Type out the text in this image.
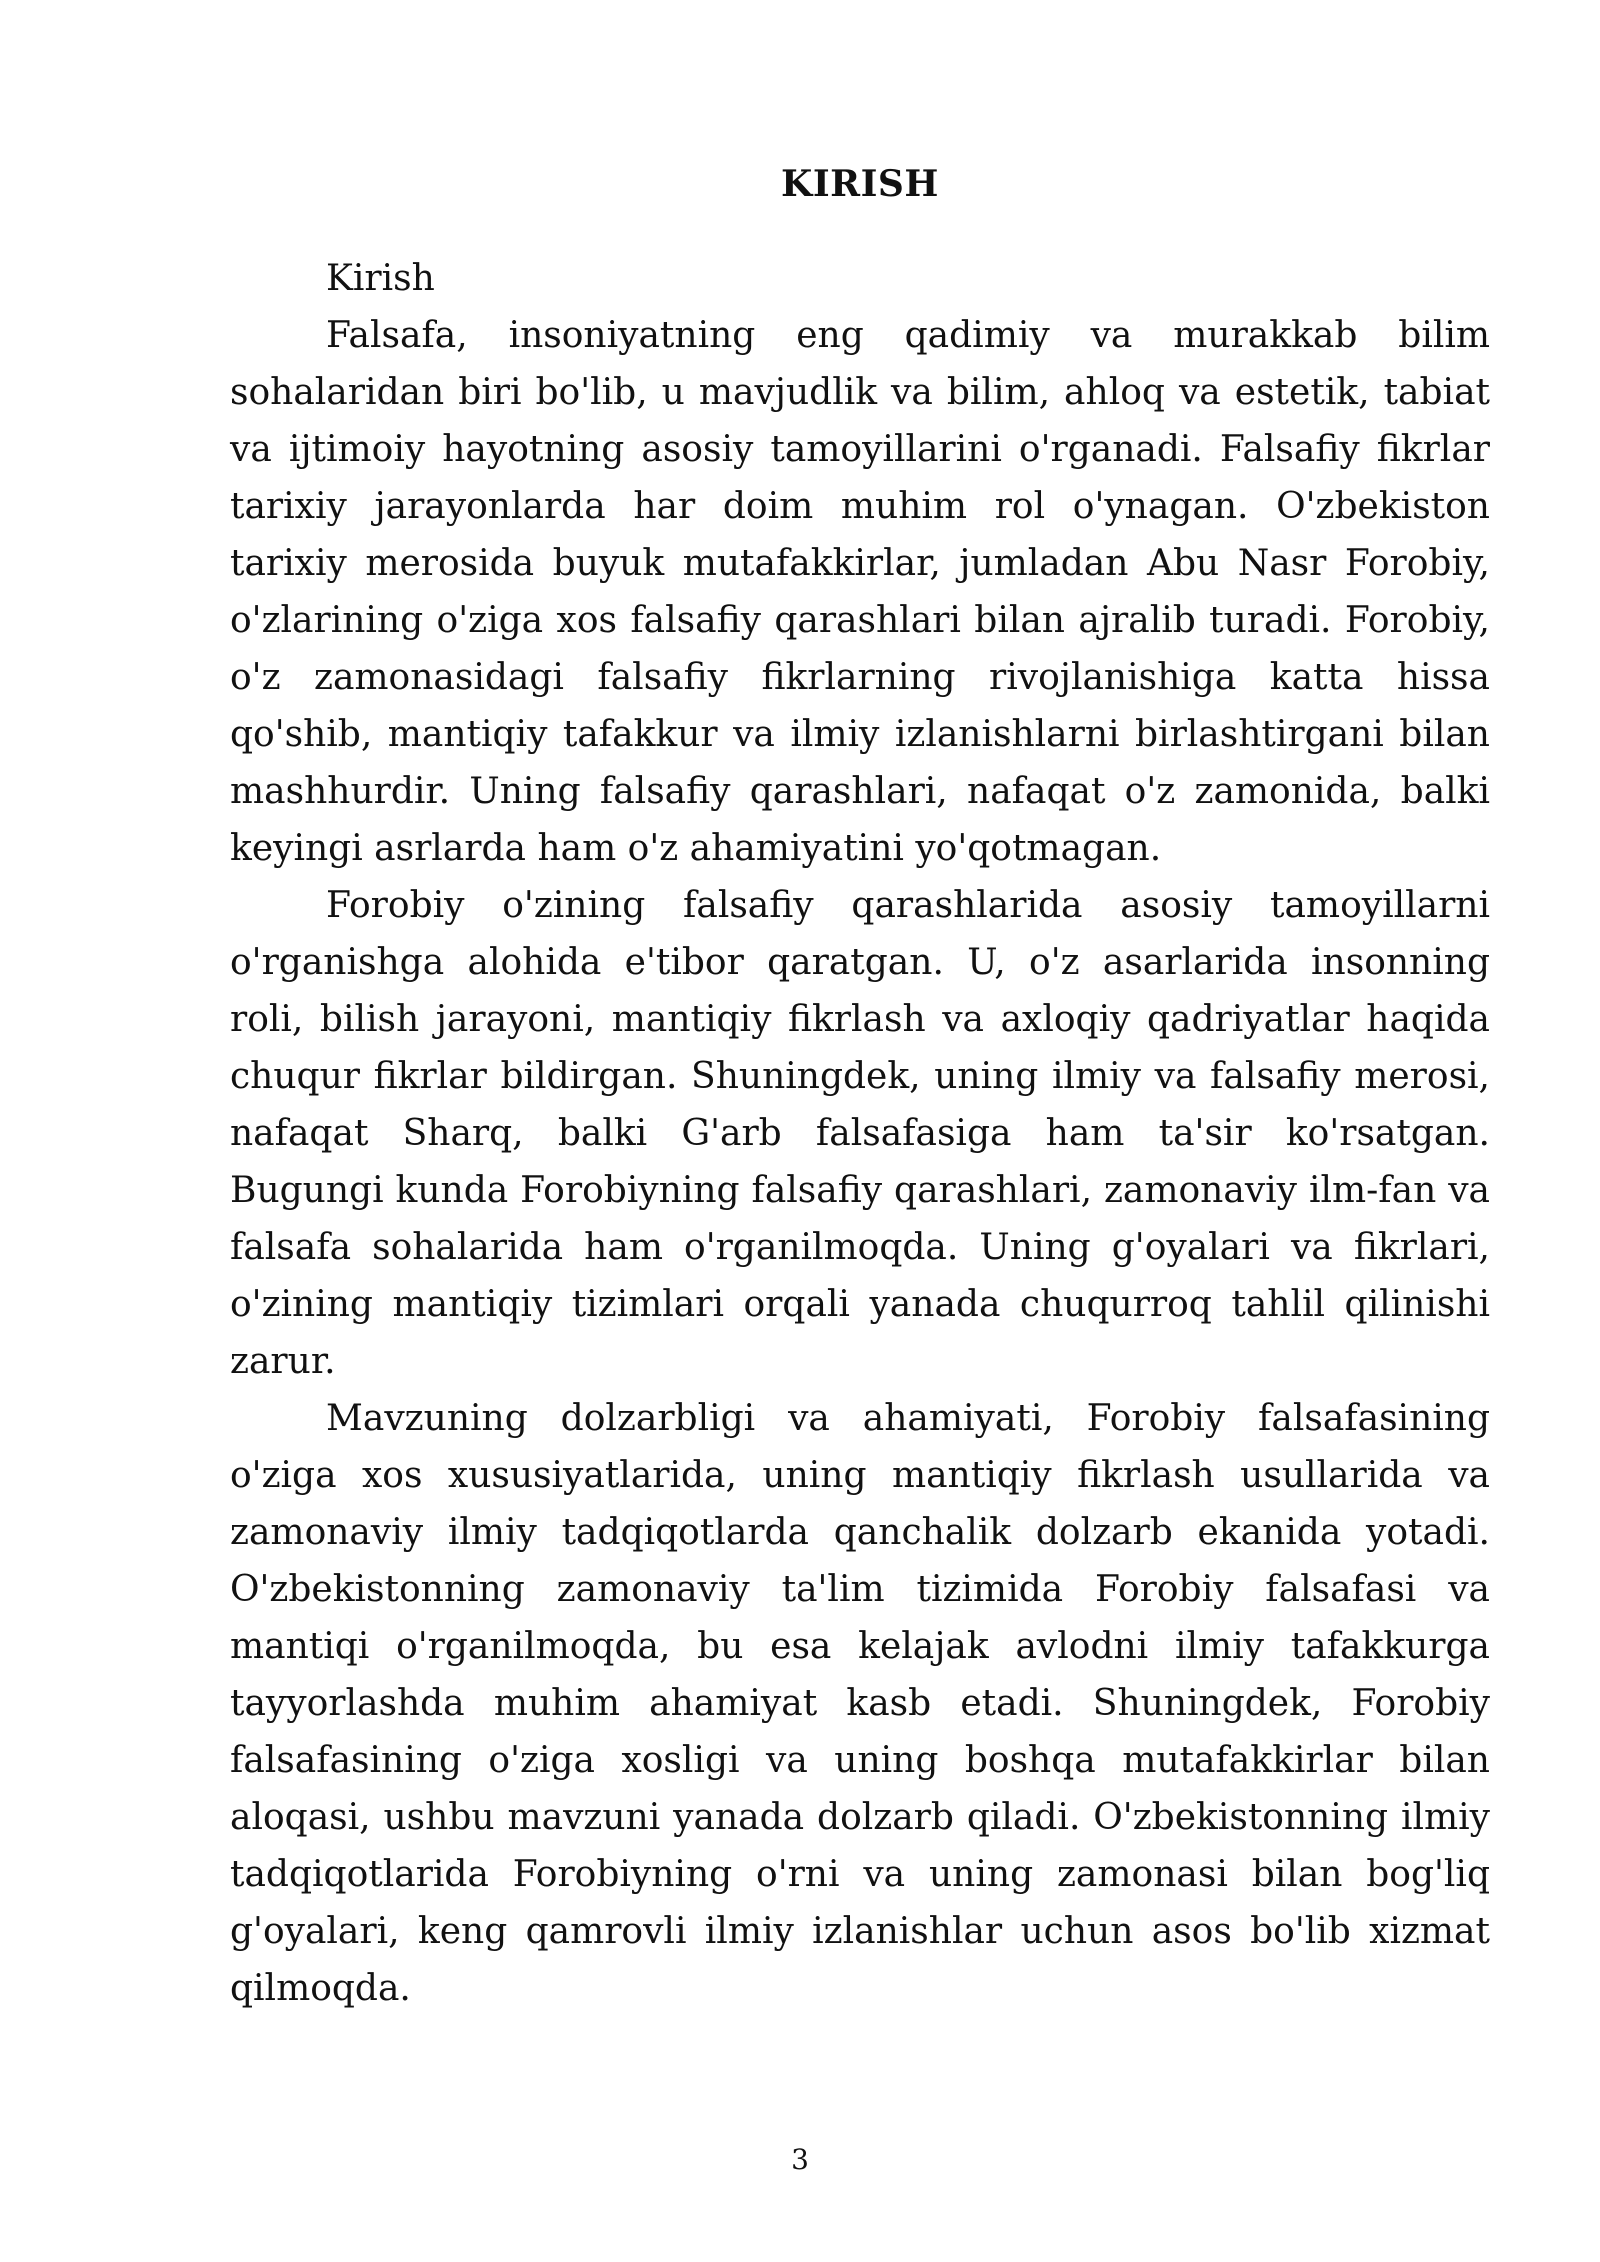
KIRISH

Kirish

Falsafa, insoniyatning eng qadimiy va murakkab bilim sohalaridan biri bo'lib, u mavjudlik va bilim, ahloq va estetik, tabiat va ijtimoiy hayotning asosiy tamoyillarini o'rganadi. Falsafiy fikrlar tarixiy jarayonlarda har doim muhim rol o'ynagan. O'zbekiston tarixiy merosida buyuk mutafakkirlar, jumladan Abu Nasr Forobiy, o'zlarining o'ziga xos falsafiy qarashlari bilan ajralib turadi. Forobiy, o'z zamonasidagi falsafiy fikrlarning rivojlanishiga katta hissa qo'shib, mantiqiy tafakkur va ilmiy izlanishlarni birlashtirgani bilan mashhurdir. Uning falsafiy qarashlari, nafaqat o'z zamonida, balki keyingi asrlarda ham o'z ahamiyatini yo'qotmagan.

Forobiy o'zining falsafiy qarashlarida asosiy tamoyillarni o'rganishga alohida e'tibor qaratgan. U, o'z asarlarida insonning roli, bilish jarayoni, mantiqiy fikrlash va axloqiy qadriyatlar haqida chuqur fikrlar bildirgan. Shuningdek, uning ilmiy va falsafiy merosi, nafaqat Sharq, balki G'arb falsafasiga ham ta'sir ko'rsatgan. Bugungi kunda Forobiyning falsafiy qarashlari, zamonaviy ilm-fan va falsafa sohalarida ham o'rganilmoqda. Uning g'oyalari va fikrlari, o'zining mantiqiy tizimlari orqali yanada chuqurroq tahlil qilinishi zarur.

Mavzuning dolzarbligi va ahamiyati, Forobiy falsafasining o'ziga xos xususiyatlarida, uning mantiqiy fikrlash usullarida va zamonaviy ilmiy tadqiqotlarda qanchalik dolzarb ekanida yotadi. O'zbekistonning zamonaviy ta'lim tizimida Forobiy falsafasi va mantiqi o'rganilmoqda, bu esa kelajak avlodni ilmiy tafakkurga tayyorlashda muhim ahamiyat kasb etadi. Shuningdek, Forobiy falsafasining o'ziga xosligi va uning boshqa mutafakkirlar bilan aloqasi, ushbu mavzuni yanada dolzarb qiladi. O'zbekistonning ilmiy tadqiqotlarida Forobiyning o'rni va uning zamonasi bilan bog'liq g'oyalari, keng qamrovli ilmiy izlanishlar uchun asos bo'lib xizmat qilmoqda.

3
